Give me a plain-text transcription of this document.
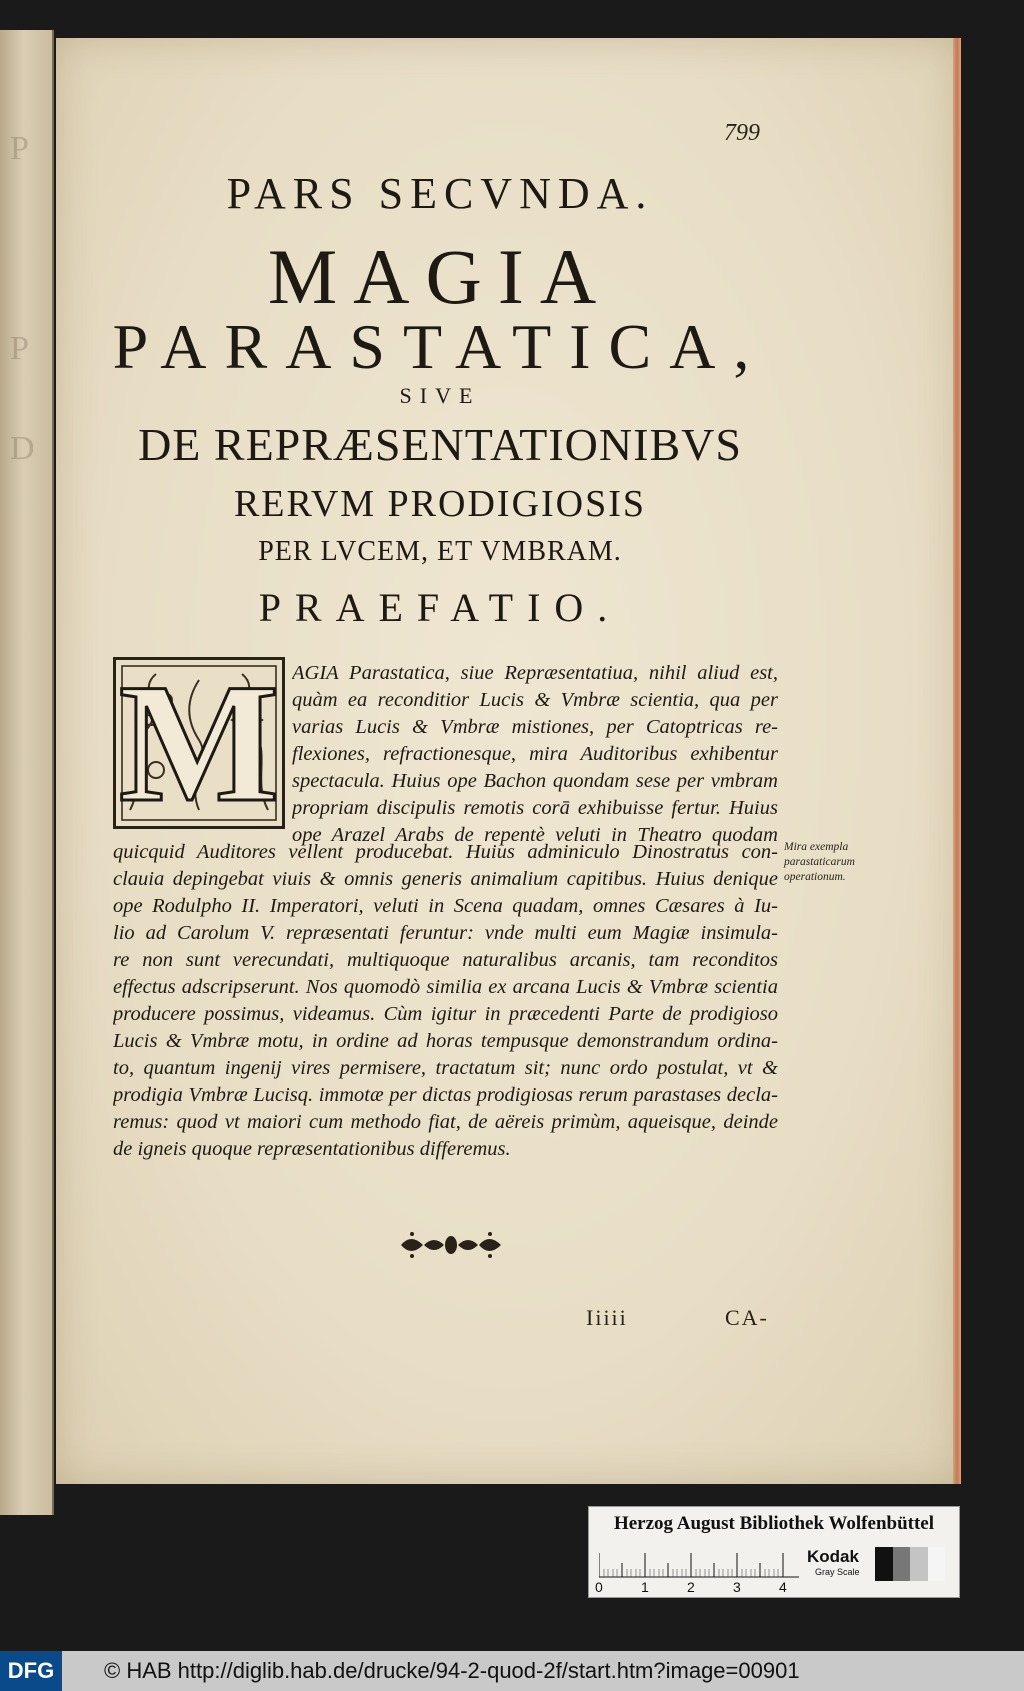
P
P
D
799
PARS SECVNDA.
MAGIA
PARASTATICA,
SIVE
DE REPRÆSENTATIONIBVS
RERVM PRODIGIOSIS
PER LVCEM, ET VMBRAM.
PRAEFATIO.
M AGIA Parastatica, siue Repræsentatiua, nihil aliud est,
quàm ea reconditior Lucis & Vmbræ scientia, qua per
varias Lucis & Vmbræ mistiones, per Catoptricas re-
flexiones, refractionesque, mira Auditoribus exhibentur
spectacula. Huius ope Bachon quondam sese per vmbram
propriam discipulis remotis corā exhibuisse fertur. Huius
ope Arazel Arabs de repentè veluti in Theatro quodam
quicquid Auditores vellent producebat. Huius adminiculo Dinostratus con-
clauia depingebat viuis & omnis generis animalium capitibus. Huius denique
ope Rodulpho II. Imperatori, veluti in Scena quadam, omnes Cæsares à Iu-
lio ad Carolum V. repræsentati feruntur: vnde multi eum Magiæ insimula-
re non sunt verecundati, multiquoque naturalibus arcanis, tam reconditos
effectus adscripserunt. Nos quomodò similia ex arcana Lucis & Vmbræ scientia
producere possimus, videamus. Cùm igitur in præcedenti Parte de prodigioso
Lucis & Vmbræ motu, in ordine ad horas tempusque demonstrandum ordina-
to, quantum ingenij vires permisere, tractatum sit; nunc ordo postulat, vt &
prodigia Vmbræ Lucisq. immotæ per dictas prodigiosas rerum parastases decla-
remus: quod vt maiori cum methodo fiat, de aëreis primùm, aqueisque, deinde
de igneis quoque repræsentationibus differemus.
Mira exempla
parastaticarum
operationum.
Iiiii	CA-
Herzog August Bibliothek Wolfenbüttel
0	1	2	3	4
Kodak
Gray Scale
DFG	© HAB http://diglib.hab.de/drucke/94-2-quod-2f/start.htm?image=00901
